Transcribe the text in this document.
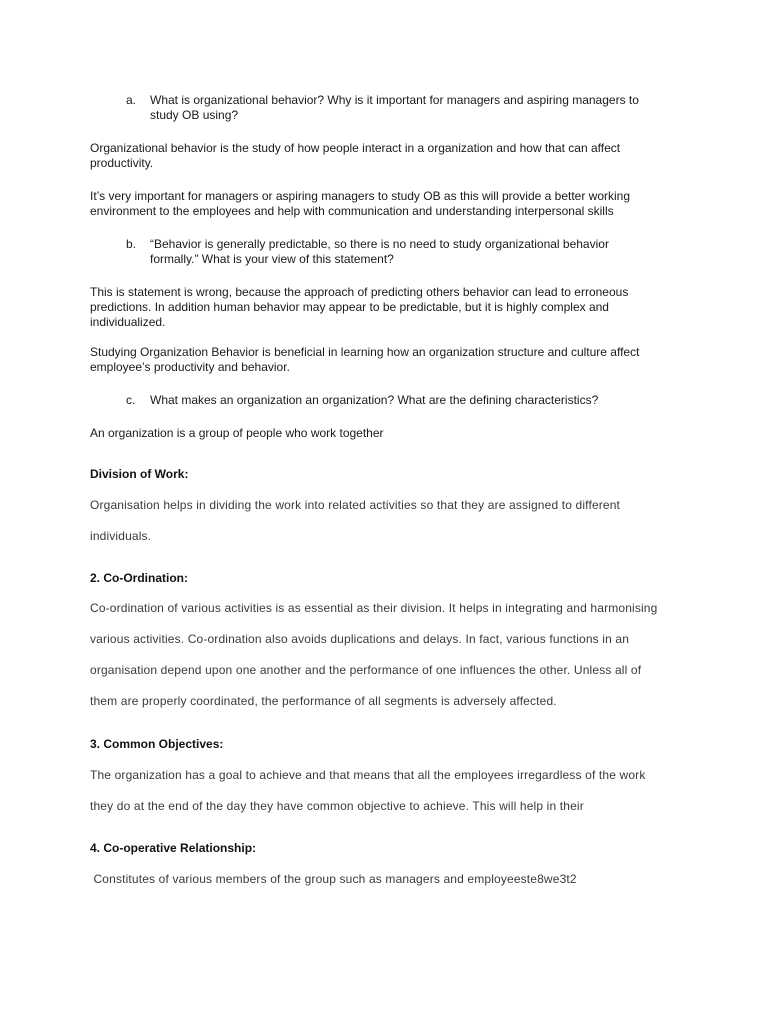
a. What is organizational behavior? Why is it important for managers and aspiring managers to
study OB using?
Organizational behavior is the study of how people interact in a organization and how that can affect
productivity.
It’s very important for managers or aspiring managers to study OB as this will provide a better working
environment to the employees and help with communication and understanding interpersonal skills
b. “Behavior is generally predictable, so there is no need to study organizational behavior
formally.” What is your view of this statement?
This is statement is wrong, because the approach of predicting others behavior can lead to erroneous
predictions. In addition human behavior may appear to be predictable, but it is highly complex and
individualized.
Studying Organization Behavior is beneficial in learning how an organization structure and culture affect
employee’s productivity and behavior.
c. What makes an organization an organization? What are the defining characteristics?
An organization is a group of people who work together
Division of Work:
Organisation helps in dividing the work into related activities so that they are assigned to different
individuals.
2. Co-Ordination:
Co-ordination of various activities is as essential as their division. It helps in integrating and harmonising
various activities. Co-ordination also avoids duplications and delays. In fact, various functions in an
organisation depend upon one another and the performance of one influences the other. Unless all of
them are properly coordinated, the performance of all segments is adversely affected.
3. Common Objectives:
The organization has a goal to achieve and that means that all the employees irregardless of the work
they do at the end of the day they have common objective to achieve. This will help in their
4. Co-operative Relationship:
Constitutes of various members of the group such as managers and employeeste8we3t2
